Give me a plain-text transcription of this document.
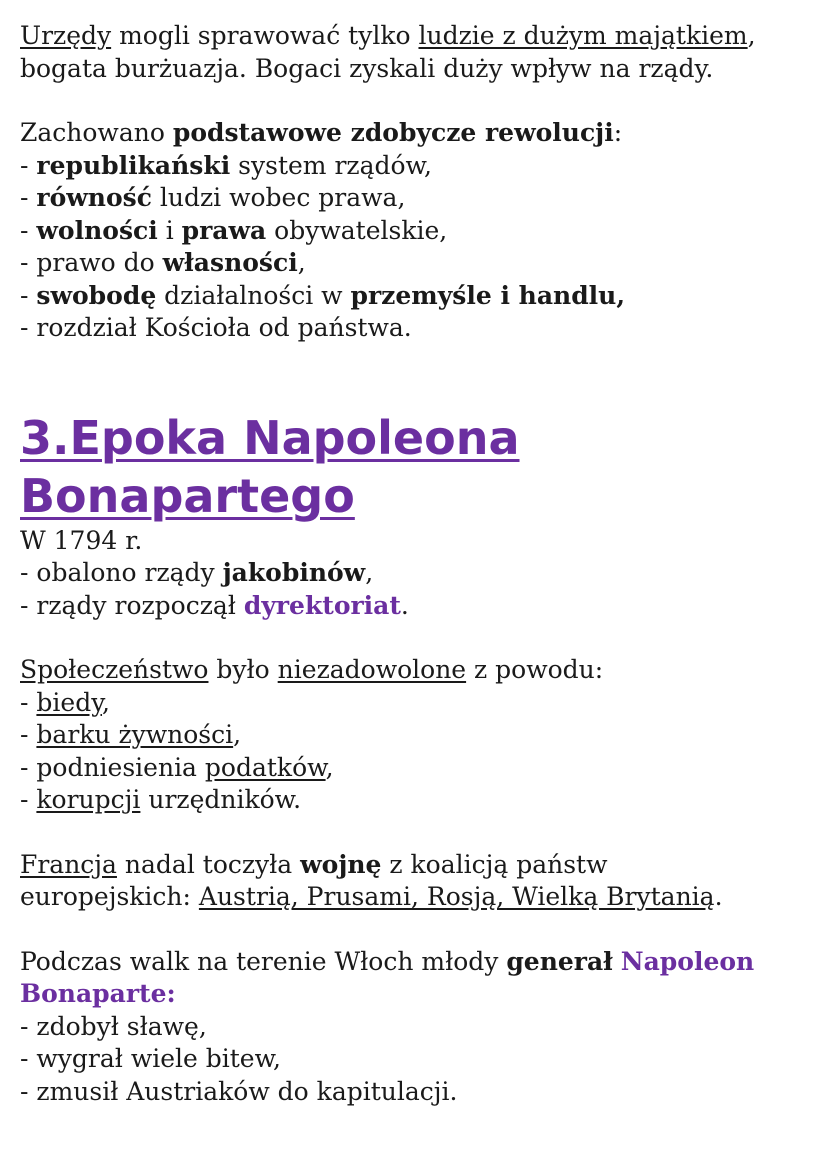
Urzędy mogli sprawować tylko ludzie z dużym majątkiem,
bogata burżuazja. Bogaci zyskali duży wpływ na rządy.
Zachowano podstawowe zdobycze rewolucji:
- republikański system rządów,
- równość ludzi wobec prawa,
- wolności i prawa obywatelskie,
- prawo do własności,
- swobodę działalności w przemyśle i handlu,
- rozdział Kościoła od państwa.
3.Epoka Napoleona
Bonapartego
W 1794 r.
- obalono rządy jakobinów,
- rządy rozpoczął dyrektoriat.
Społeczeństwo było niezadowolone z powodu:
- biedy,
- barku żywności,
- podniesienia podatków,
- korupcji urzędników.
Francja nadal toczyła wojnę z koalicją państw
europejskich: Austrią, Prusami, Rosją, Wielką Brytanią.
Podczas walk na terenie Włoch młody generał Napoleon
Bonaparte:
- zdobył sławę,
- wygrał wiele bitew,
- zmusił Austriaków do kapitulacji.
